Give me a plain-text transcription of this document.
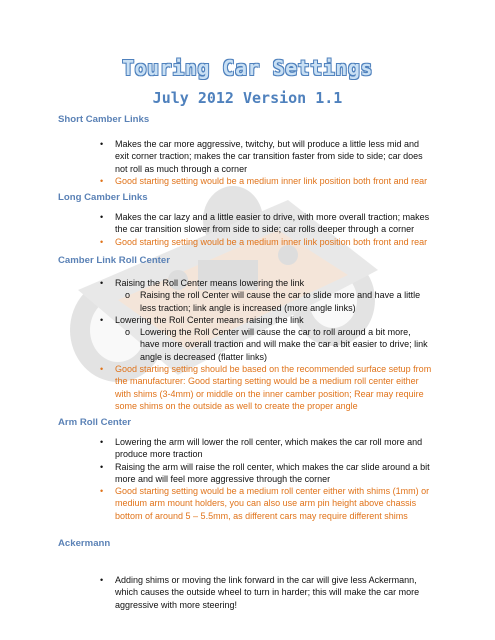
Touring Car Settings
July 2012 Version 1.1
Short Camber Links
• Makes the car more aggressive, twitchy, but will produce a little less mid and exit corner traction; makes the car transition faster from side to side; car does not roll as much through a corner
• Good starting setting would be a medium inner link position both front and rear
Long Camber Links
• Makes the car lazy and a little easier to drive, with more overall traction; makes the car transition slower from side to side; car rolls deeper through a corner
• Good starting setting would be a medium inner link position both front and rear
Camber Link Roll Center
• Raising the Roll Center means lowering the link
o Raising the roll Center will cause the car to slide more and have a little less traction; link angle is increased (more angle links)
• Lowering the Roll Center means raising the link
o Lowering the Roll Center will cause the car to roll around a bit more, have more overall traction and will make the car a bit easier to drive; link angle is decreased (flatter links)
• Good starting setting should be based on the recommended surface setup from the manufacturer: Good starting setting would be a medium roll center either with shims (3-4mm) or middle on the inner camber position; Rear may require some shims on the outside as well to create the proper angle
Arm Roll Center
• Lowering the arm will lower the roll center, which makes the car roll more and produce more traction
• Raising the arm will raise the roll center, which makes the car slide around a bit more and will feel more aggressive through the corner
• Good starting setting would be a medium roll center either with shims (1mm) or medium arm mount holders, you can also use arm pin height above chassis bottom of around 5 – 5.5mm, as different cars may require different shims
Ackermann
• Adding shims or moving the link forward in the car will give less Ackermann, which causes the outside wheel to turn in harder; this will make the car more aggressive with more steering!
